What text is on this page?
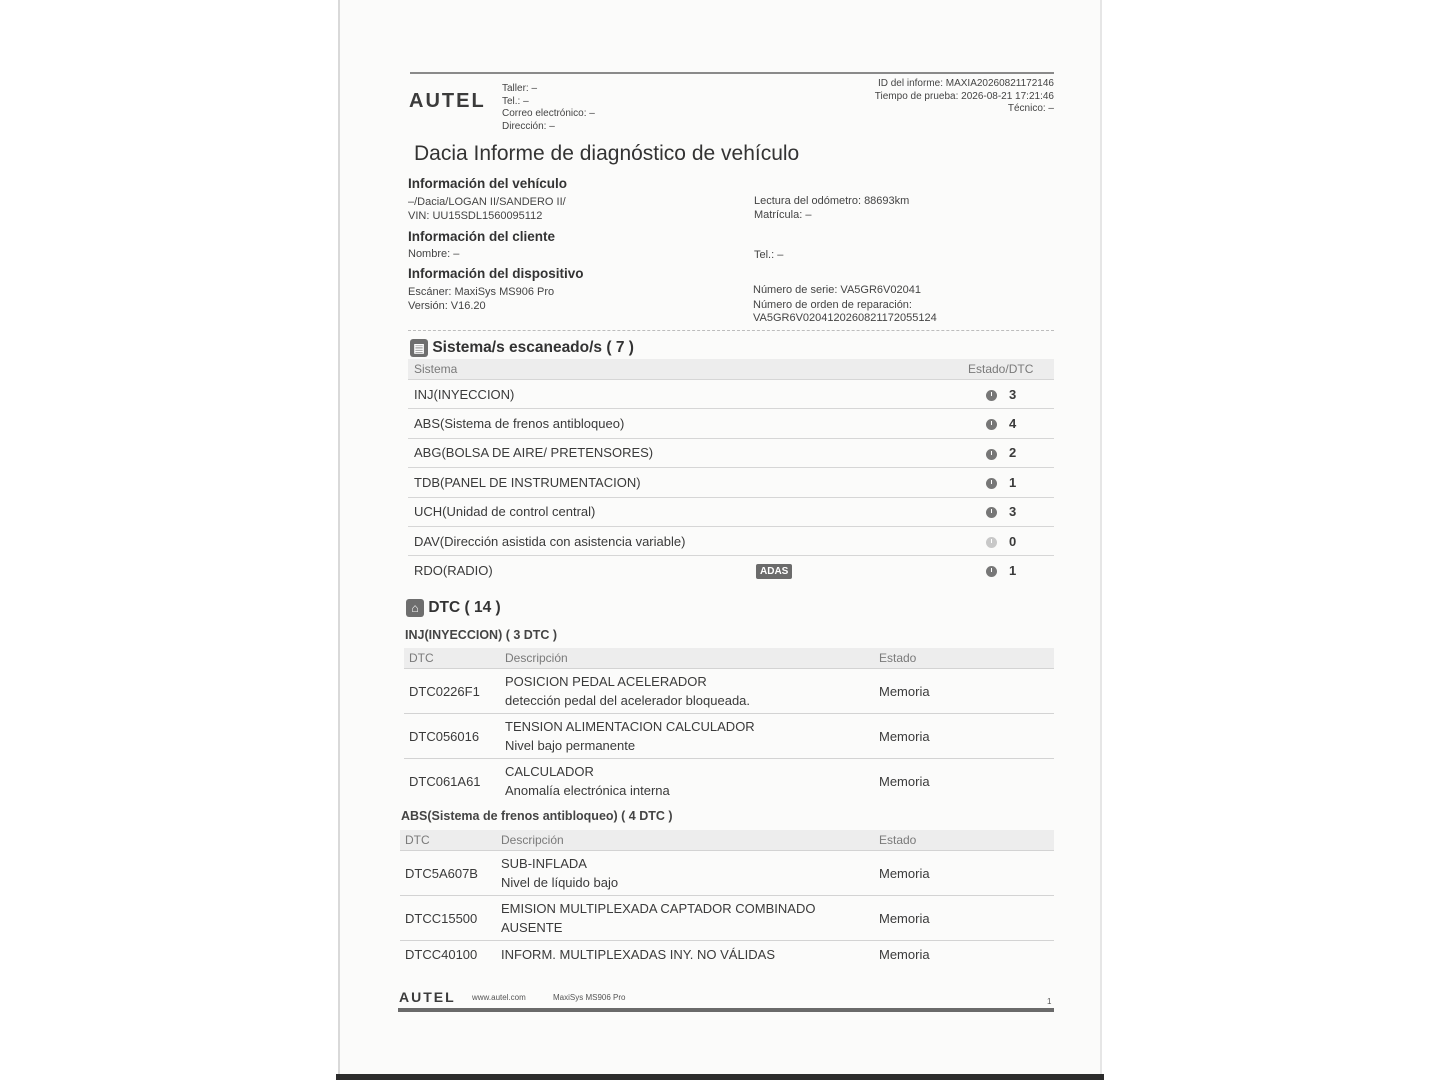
AUTEL
Taller: –
Tel.: –
Correo electrónico: –
Dirección: –
ID del informe: MAXIA20260821172146
Tiempo de prueba: 2026-08-21 17:21:46
Técnico: –
Dacia Informe de diagnóstico de vehículo
Información del vehículo
–/Dacia/LOGAN II/SANDERO II/
VIN: UU15SDL1560095112
Lectura del odómetro: 88693km
Matrícula: –
Información del cliente
Nombre: –	Tel.: –
Información del dispositivo
Escáner: MaxiSys MS906 Pro
Versión: V16.20
Número de serie: VA5GR6V02041
Número de orden de reparación:
VA5GR6V020412026082117205512​4
▤ Sistema/s escaneado/s ( 7 )
Sistema		Estado/DTC
INJ(INYECCION)		3
ABS(Sistema de frenos antibloqueo)		4
ABG(BOLSA DE AIRE/ PRETENSORES)		2
TDB(PANEL DE INSTRUMENTACION)		1
UCH(Unidad de control central)		3
DAV(Dirección asistida con asistencia variable)		0
RDO(RADIO)	ADAS	1
⌂ DTC ( 14 )
INJ(INYECCION) ( 3 DTC )
DTC	Descripción	Estado
DTC0226F1	POSICION PEDAL ACELERADOR
detección pedal del acelerador bloqueada.	Memoria
DTC056016	TENSION ALIMENTACION CALCULADOR
Nivel bajo permanente	Memoria
DTC061A61	CALCULADOR
Anomalía electrónica interna	Memoria
ABS(Sistema de frenos antibloqueo) ( 4 DTC )
DTC	Descripción	Estado
DTC5A607B	SUB-INFLADA
Nivel de líquido bajo	Memoria
DTCC15500	EMISION MULTIPLEXADA CAPTADOR COMBINADO
AUSENTE	Memoria
DTCC40100	INFORM. MULTIPLEXADAS INY. NO VÁLIDAS	Memoria
AUTEL www.autel.com	MaxiSys MS906 Pro	1
